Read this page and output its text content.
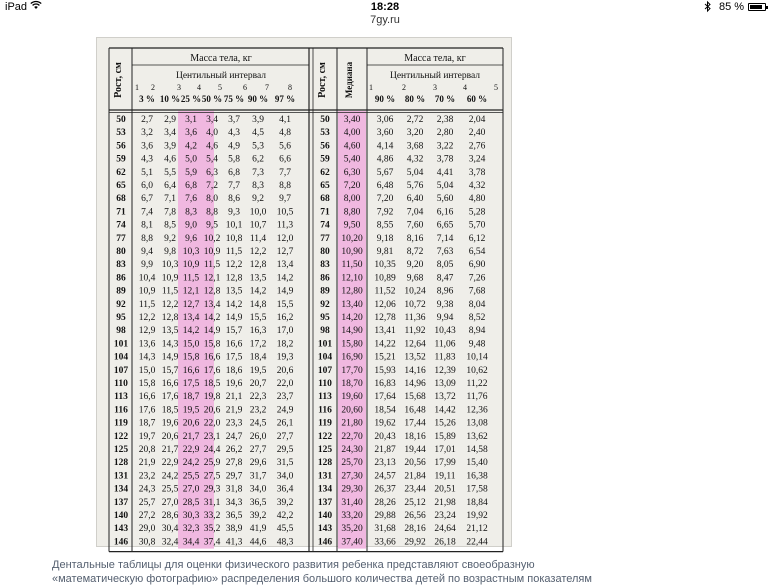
iPad	18:28	85 %
7gy.ru
Рост, см
Масса тела, кг
Центильный интервал
1 2	3 4 5	6 7 8
3 % 10 % 25 % 50 % 75 % 90 % 97 %
Рост, см Медиана
Масса тела, кг
Центильный интервал
1	2	3	4	5
90 % 80 % 70 % 60 %
50 2,7 2,9 3,1 3,4 3,7 3,9 4,1
53 3,2 3,4 3,6 4,0 4,3 4,5 4,8
56 3,6 3,9 4,2 4,6 4,9 5,3 5,6
59 4,3 4,6 5,0 5,4 5,8 6,2 6,6
62 5,1 5,5 5,9 6,3 6,8 7,3 7,7
65 6,0 6,4 6,8 7,2 7,7 8,3 8,8
68 6,7 7,1 7,6 8,0 8,6 9,2 9,7
71 7,4 7,8 8,3 8,8 9,3 10,0 10,5
74 8,1 8,5 9,0 9,5 10,1 10,7 11,3
77 8,8 9,2 9,6 10,2 10,8 11,4 12,0
80 9,4 9,8 10,3 10,9 11,5 12,2 12,7
83 9,9 10,3 10,9 11,5 12,2 12,8 13,4
86 10,4 10,9 11,5 12,1 12,8 13,5 14,2
89 10,9 11,5 12,1 12,8 13,5 14,2 14,9
92 11,5 12,2 12,7 13,4 14,2 14,8 15,5
95 12,2 12,8 13,4 14,2 14,9 15,5 16,2
98 12,9 13,5 14,2 14,9 15,7 16,3 17,0
101 13,6 14,3 15,0 15,8 16,6 17,2 18,2
104 14,3 14,9 15,8 16,6 17,5 18,4 19,3
107 15,0 15,7 16,6 17,6 18,6 19,5 20,6
110 15,8 16,6 17,5 18,5 19,6 20,7 22,0
113 16,6 17,6 18,7 19,8 21,1 22,3 23,7
116 17,6 18,5 19,5 20,6 21,9 23,2 24,9
119 18,7 19,6 20,6 22,0 23,3 24,5 26,1
122 19,7 20,6 21,7 23,1 24,7 26,0 27,7
125 20,8 21,7 22,9 24,4 26,2 27,7 29,5
128 21,9 22,9 24,2 25,9 27,8 29,6 31,5
131 23,2 24,2 25,5 27,5 29,7 31,7 34,0
134 24,3 25,5 27,0 29,3 31,8 34,0 36,4
137 25,7 27,0 28,5 31,1 34,3 36,5 39,2
140 27,2 28,6 30,3 33,2 36,5 39,2 42,2
143 29,0 30,4 32,3 35,2 38,9 41,9 45,5
146 30,8 32,4 34,4 37,4 41,3 44,6 48,3
50 3,40 3,06 2,72 2,38 2,04
53 4,00 3,60 3,20 2,80 2,40
56 4,60 4,14 3,68 3,22 2,76
59 5,40 4,86 4,32 3,78 3,24
62 6,30 5,67 5,04 4,41 3,78
65 7,20 6,48 5,76 5,04 4,32
68 8,00 7,20 6,40 5,60 4,80
71 8,80 7,92 7,04 6,16 5,28
74 9,50 8,55 7,60 6,65 5,70
77 10,20 9,18 8,16 7,14 6,12
80 10,90 9,81 8,72 7,63 6,54
83 11,50 10,35 9,20 8,05 6,90
86 12,10 10,89 9,68 8,47 7,26
89 12,80 11,52 10,24 8,96 7,68
92 13,40 12,06 10,72 9,38 8,04
95 14,20 12,78 11,36 9,94 8,52
98 14,90 13,41 11,92 10,43 8,94
101 15,80 14,22 12,64 11,06 9,48
104 16,90 15,21 13,52 11,83 10,14
107 17,70 15,93 14,16 12,39 10,62
110 18,70 16,83 14,96 13,09 11,22
113 19,60 17,64 15,68 13,72 11,76
116 20,60 18,54 16,48 14,42 12,36
119 21,80 19,62 17,44 15,26 13,08
122 22,70 20,43 18,16 15,89 13,62
125 24,30 21,87 19,44 17,01 14,58
128 25,70 23,13 20,56 17,99 15,40
131 27,30 24,57 21,84 19,11 16,38
134 29,30 26,37 23,44 20,51 17,58
137 31,40 28,26 25,12 21,98 18,84
140 33,20 29,88 26,56 23,24 19,92
143 35,20 31,68 28,16 24,64 21,12
146 37,40 33,66 29,92 26,18 22,44
Дентальные таблицы для оценки физического развития ребенка представляют своеобразную
«математическую фотографию» распределения большого количества детей по возрастным показателям
